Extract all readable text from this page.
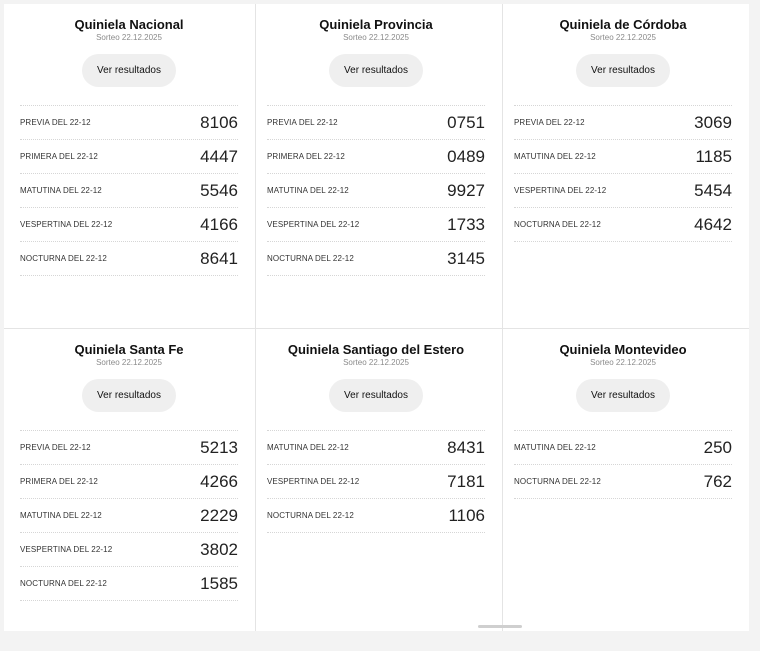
Quiniela Nacional
Sorteo 22.12.2025
Ver resultados
PREVIA DEL 22-12	8106
PRIMERA DEL 22-12	4447
MATUTINA DEL 22-12	5546
VESPERTINA DEL 22-12	4166
NOCTURNA DEL 22-12	8641
Quiniela Provincia
Sorteo 22.12.2025
Ver resultados
PREVIA DEL 22-12	0751
PRIMERA DEL 22-12	0489
MATUTINA DEL 22-12	9927
VESPERTINA DEL 22-12	1733
NOCTURNA DEL 22-12	3145
Quiniela de Córdoba
Sorteo 22.12.2025
Ver resultados
PREVIA DEL 22-12	3069
MATUTINA DEL 22-12	1185
VESPERTINA DEL 22-12	5454
NOCTURNA DEL 22-12	4642
Quiniela Santa Fe
Sorteo 22.12.2025
Ver resultados
PREVIA DEL 22-12	5213
PRIMERA DEL 22-12	4266
MATUTINA DEL 22-12	2229
VESPERTINA DEL 22-12	3802
NOCTURNA DEL 22-12	1585
Quiniela Santiago del Estero
Sorteo 22.12.2025
Ver resultados
MATUTINA DEL 22-12	8431
VESPERTINA DEL 22-12	7181
NOCTURNA DEL 22-12	1106
Quiniela Montevideo
Sorteo 22.12.2025
Ver resultados
MATUTINA DEL 22-12	250
NOCTURNA DEL 22-12	762
